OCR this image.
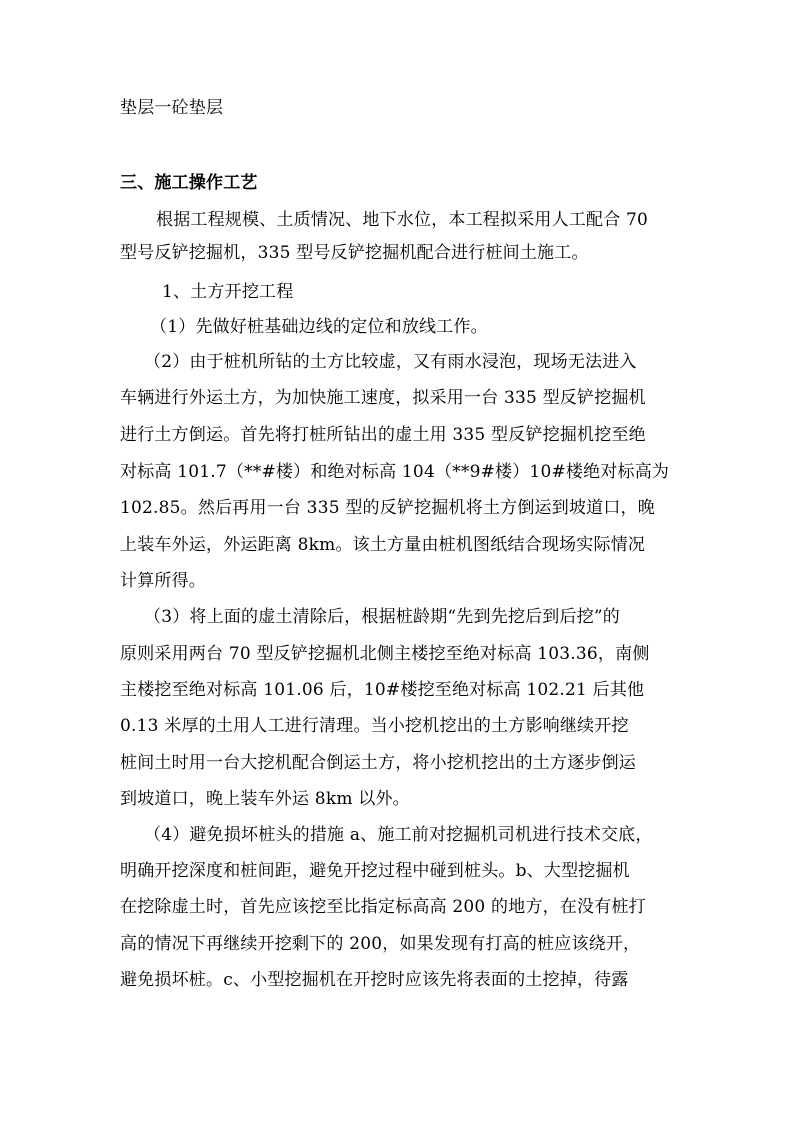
垫层一砼垫层
三、施工操作工艺
根据工程规模、土质情况、地下水位，本工程拟采用人工配合 70
型号反铲挖掘机，335 型号反铲挖掘机配合进行桩间土施工。
1、土方开挖工程
（1）先做好桩基础边线的定位和放线工作。
（2）由于桩机所钻的土方比较虚，又有雨水浸泡，现场无法进入
车辆进行外运土方，为加快施工速度，拟采用一台 335 型反铲挖掘机
进行土方倒运。首先将打桩所钻出的虚土用 335 型反铲挖掘机挖至绝
对标高 101.7（**#楼）和绝对标高 104（**9#楼）10#楼绝对标高为
102.85。然后再用一台 335 型的反铲挖掘机将土方倒运到坡道口，晚
上装车外运，外运距离 8km。该土方量由桩机图纸结合现场实际情况
计算所得。
（3）将上面的虚土清除后，根据桩龄期“先到先挖后到后挖”的
原则采用两台 70 型反铲挖掘机北侧主楼挖至绝对标高 103.36，南侧
主楼挖至绝对标高 101.06 后，10#楼挖至绝对标高 102.21 后其他
0.13 米厚的土用人工进行清理。当小挖机挖出的土方影响继续开挖
桩间土时用一台大挖机配合倒运土方，将小挖机挖出的土方逐步倒运
到坡道口，晚上装车外运 8km 以外。
（4）避免损坏桩头的措施 a、施工前对挖掘机司机进行技术交底，
明确开挖深度和桩间距，避免开挖过程中碰到桩头。b、大型挖掘机
在挖除虚土时，首先应该挖至比指定标高高 200 的地方，在没有桩打
高的情况下再继续开挖剩下的 200，如果发现有打高的桩应该绕开，
避免损坏桩。c、小型挖掘机在开挖时应该先将表面的土挖掉，待露
